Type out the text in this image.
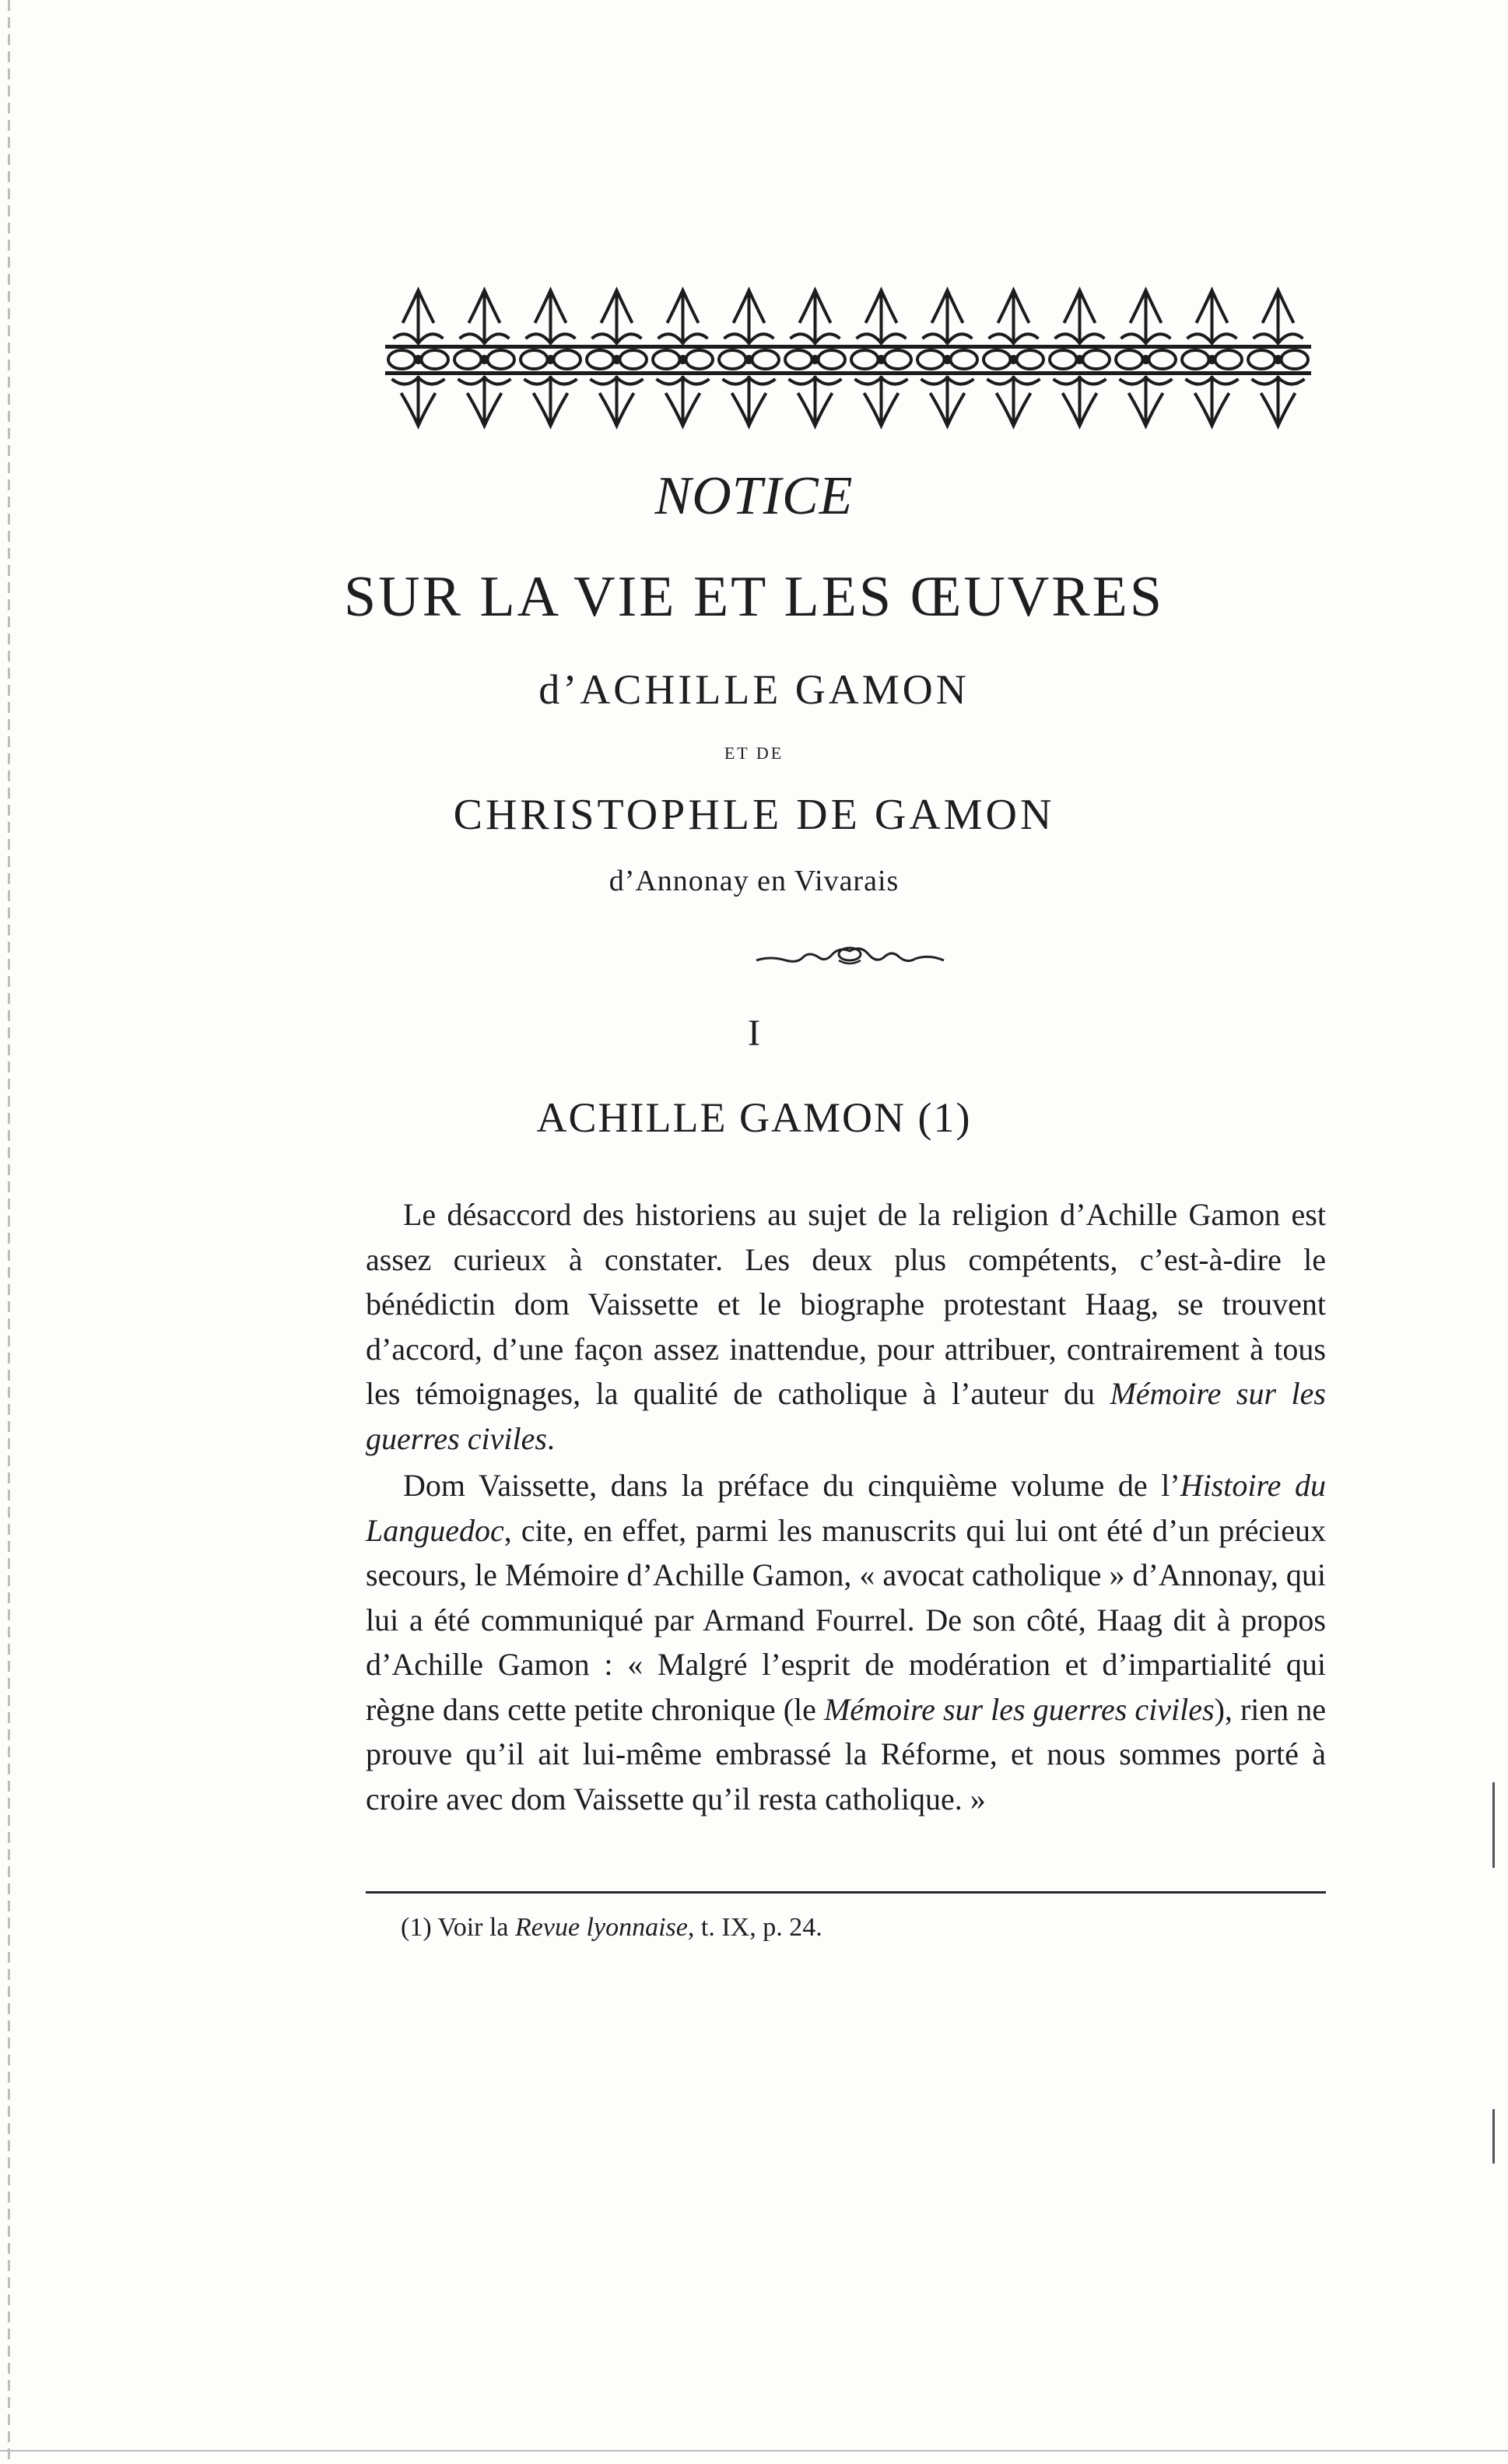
NOTICE
SUR LA VIE ET LES ŒUVRES
d’ACHILLE GAMON
ET DE
CHRISTOPHLE DE GAMON
d’Annonay en Vivarais
I
ACHILLE GAMON (1)

Le désaccord des historiens au sujet de la religion d’Achille Gamon est assez curieux à constater. Les deux plus compétents, c’est-à-dire le bénédictin dom Vaissette et le biographe protestant Haag, se trouvent d’accord, d’une façon assez inattendue, pour attribuer, contrairement à tous les témoignages, la qualité de catholique à l’auteur du Mémoire sur les guerres civiles.

Dom Vaissette, dans la préface du cinquième volume de l’Histoire du Languedoc, cite, en effet, parmi les manuscrits qui lui ont été d’un précieux secours, le Mémoire d’Achille Gamon, « avocat catholique » d’Annonay, qui lui a été communiqué par Armand Fourrel. De son côté, Haag dit à propos d’Achille Gamon : « Malgré l’esprit de modération et d’impartialité qui règne dans cette petite chronique (le Mémoire sur les guerres civiles), rien ne prouve qu’il ait lui-même embrassé la Réforme, et nous sommes porté à croire avec dom Vaissette qu’il resta catholique. »

(1) Voir la Revue lyonnaise, t. IX, p. 24.
